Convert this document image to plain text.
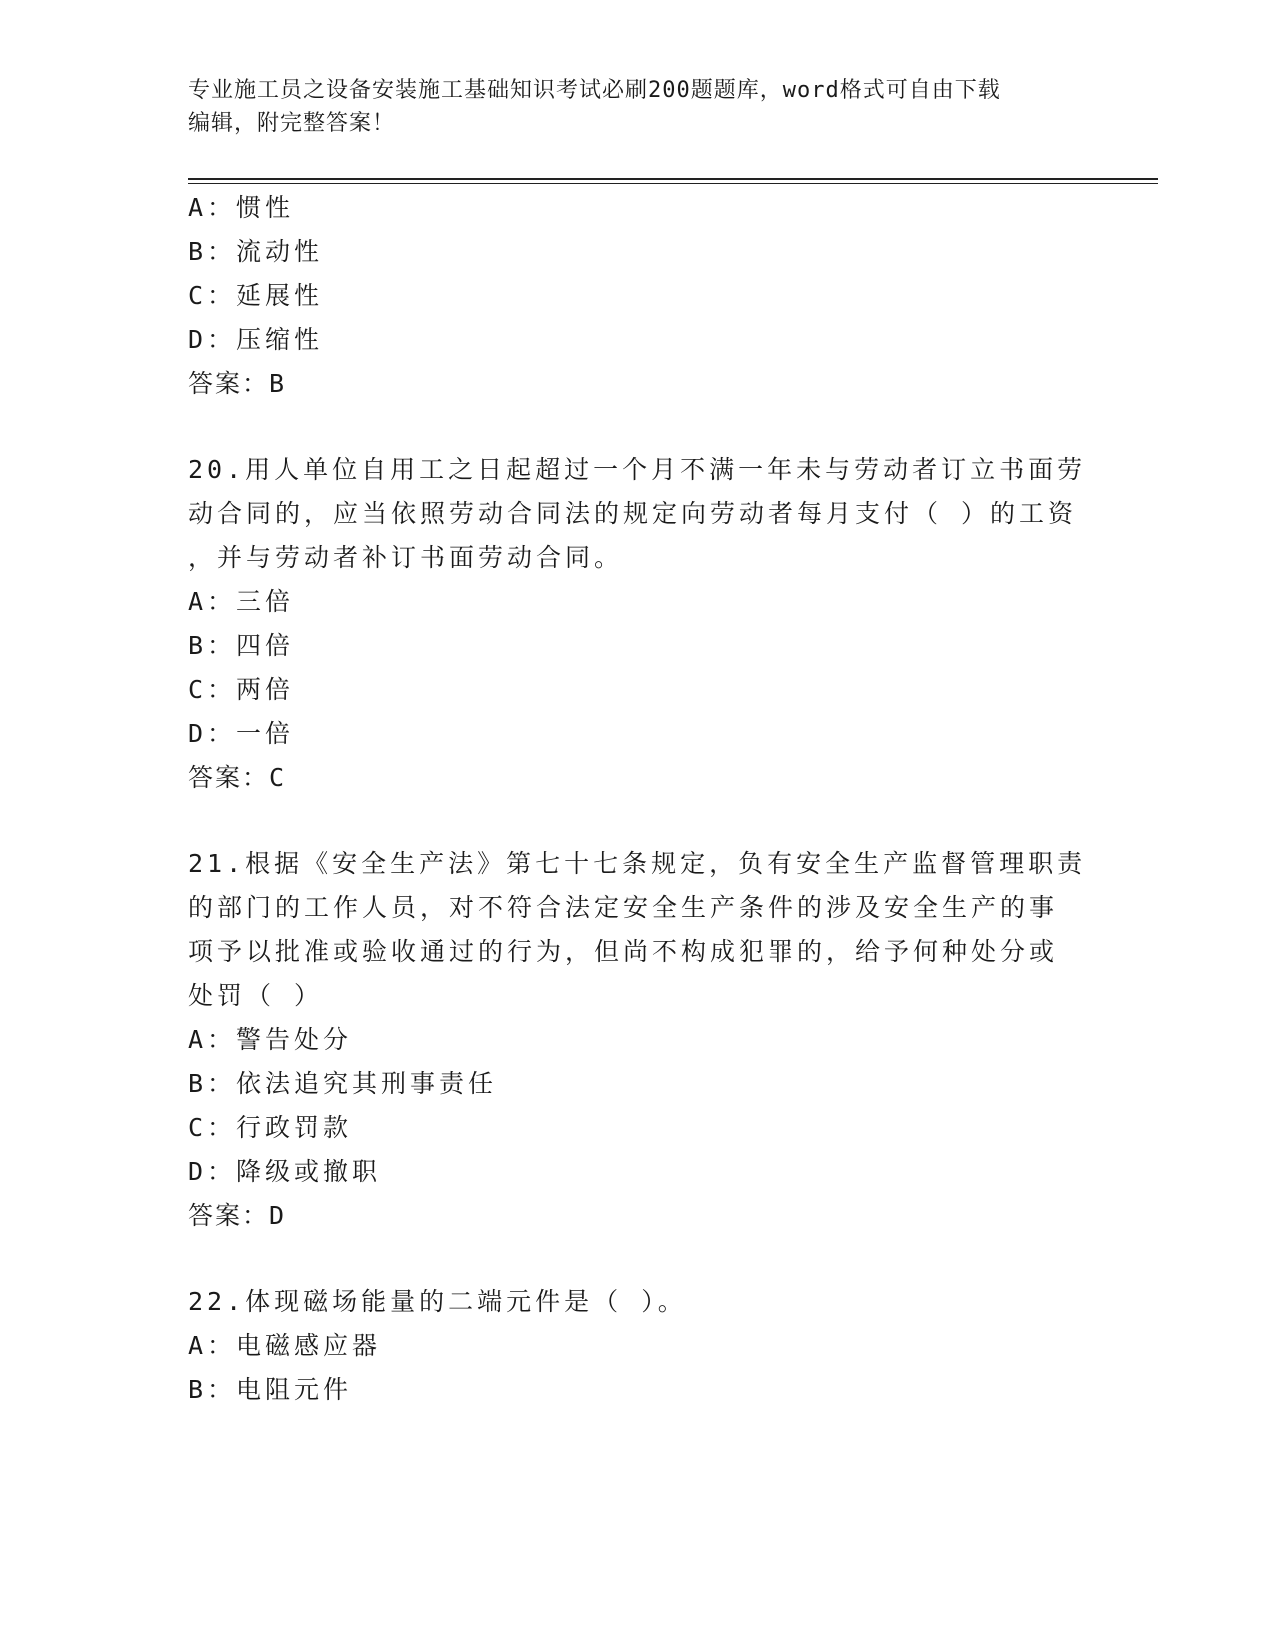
专业施工员之设备安装施工基础知识考试必刷200题题库，word格式可自由下载
编辑，附完整答案！
A：惯性
B：流动性
C：延展性
D：压缩性
答案：B
20.用人单位自用工之日起超过一个月不满一年未与劳动者订立书面劳
动合同的，应当依照劳动合同法的规定向劳动者每月支付（ ）的工资
，并与劳动者补订书面劳动合同。
A：三倍
B：四倍
C：两倍
D：一倍
答案：C
21.根据《安全生产法》第七十七条规定，负有安全生产监督管理职责
的部门的工作人员，对不符合法定安全生产条件的涉及安全生产的事
项予以批准或验收通过的行为，但尚不构成犯罪的，给予何种处分或
处罚（ ）
A：警告处分
B：依法追究其刑事责任
C：行政罚款
D：降级或撤职
答案：D
22.体现磁场能量的二端元件是（ ）。
A：电磁感应器
B：电阻元件
